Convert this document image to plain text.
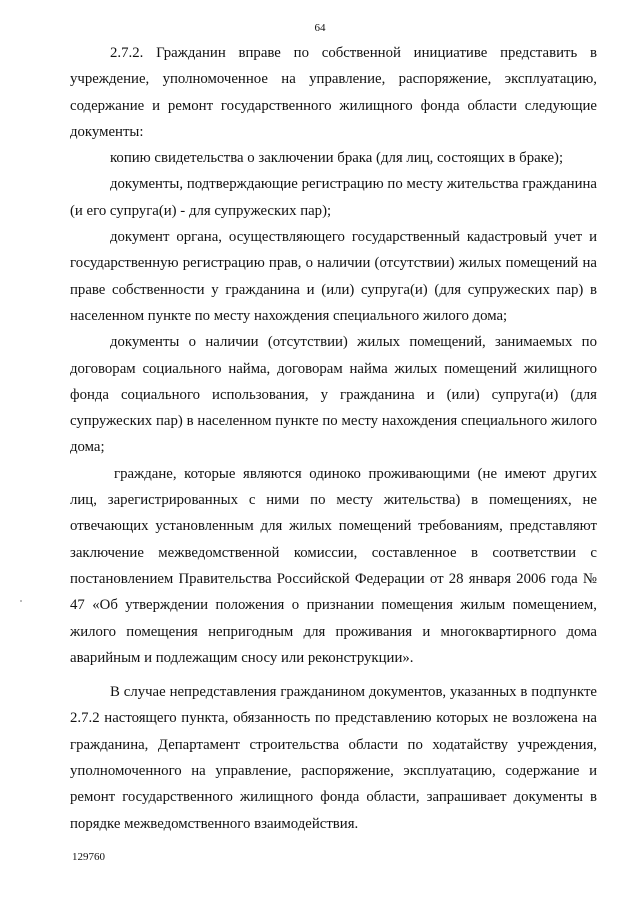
64

2.7.2. Гражданин вправе по собственной инициативе представить в учреждение, уполномоченное на управление, распоряжение, эксплуатацию, содержание и ремонт государственного жилищного фонда области следующие документы:

копию свидетельства о заключении брака (для лиц, состоящих в браке);

документы, подтверждающие регистрацию по месту жительства гражданина (и его супруга(и) - для супружеских пар);

документ органа, осуществляющего государственный кадастровый учет и государственную регистрацию прав, о наличии (отсутствии) жилых помещений на праве собственности у гражданина и (или) супруга(и) (для супружеских пар) в населенном пункте по месту нахождения специального жилого дома;

документы о наличии (отсутствии) жилых помещений, занимаемых по договорам социального найма, договорам найма жилых помещений жилищного фонда социального использования, у гражданина и (или) супруга(и) (для супружеских пар) в населенном пункте по месту нахождения специального жилого дома;

граждане, которые являются одиноко проживающими (не имеют других лиц, зарегистрированных с ними по месту жительства) в помещениях, не отвечающих установленным для жилых помещений требованиям, представляют заключение межведомственной комиссии, составленное в соответствии с постановлением Правительства Российской Федерации от 28 января 2006 года № 47 «Об утверждении положения о признании помещения жилым помещением, жилого помещения непригодным для проживания и многоквартирного дома аварийным и подлежащим сносу или реконструкции».

В случае непредставления гражданином документов, указанных в подпункте 2.7.2 настоящего пункта, обязанность по представлению которых не возложена на гражданина, Департамент строительства области по ходатайству учреждения, уполномоченного на управление, распоряжение, эксплуатацию, содержание и ремонт государственного жилищного фонда области, запрашивает документы в порядке межведомственного взаимодействия.

129760
